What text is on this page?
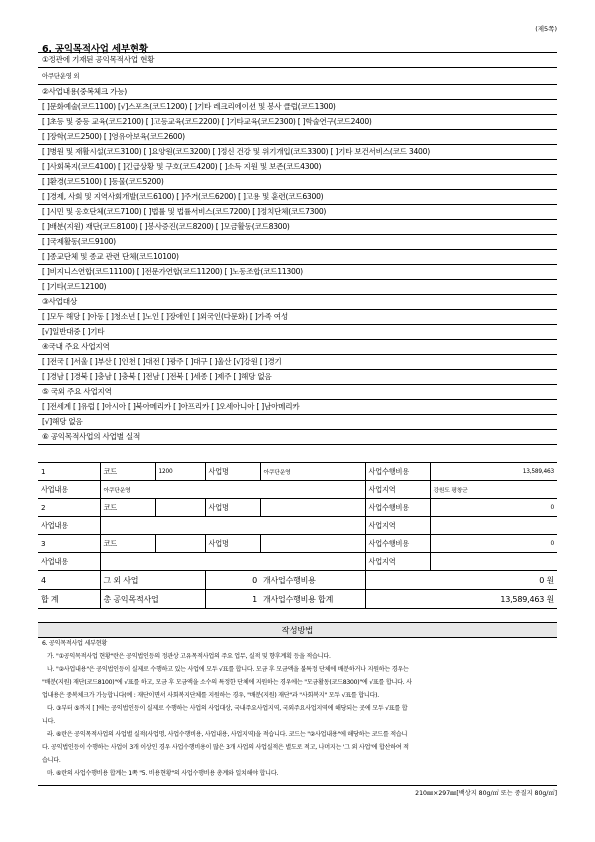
(제5쪽)
6. 공익목적사업 세부현황
①정관에 기재된 공익목적사업 현황
아쿠단운영 외
②사업내용(중복체크 가능)
[ ]문화예술(코드1100) [√]스포츠(코드1200) [ ]기타 레크리에이션 및 봉사 클럽(코드1300)
[ ]초등 및 중등 교육(코드2100) [ ]고등교육(코드2200) [ ]기타교육(코드2300) [ ]학술연구(코드2400)
[ ]장학(코드2500) [ ]영유아보육(코드2600)
[ ]병원 및 재활시설(코드3100) [ ]요양원(코드3200) [ ]정신 건강 및 위기개입(코드3300) [ ]기타 보건서비스(코드 3400)
[ ]사회복지(코드4100) [ ]긴급상황 및 구호(코드4200) [ ]소득 지원 및 보존(코드4300)
[ ]환경(코드5100) [ ]동물(코드5200)
[ ]경제, 사회 및 지역사회개발(코드6100) [ ]주거(코드6200) [ ]고용 및 훈련(코드6300)
[ ]시민 및 옹호단체(코드7100) [ ]법률 및 법률서비스(코드7200) [ ]정치단체(코드7300)
[ ]배분(지원) 재단(코드8100) [ ]봉사증진(코드8200) [ ]모금활동(코드8300)
[ ]국제활동(코드9100)
[ ]종교단체 및 종교 관련 단체(코드10100)
[ ]비지니스연합(코드11100) [ ]전문가연합(코드11200) [ ]노동조합(코드11300)
[ ]기타(코드12100)
③사업대상
[ ]모두 해당 [ ]아동 [ ]청소년 [ ]노인 [ ]장애인 [ ]외국인(다문화) [ ]가족 여성
[√]일반대중 [ ]기타
④국내 주요 사업지역
[ ]전국 [ ]서울 [ ]부산 [ ]인천 [ ]대전 [ ]광주 [ ]대구 [ ]울산 [√]강원 [ ]경기
[ ]경남 [ ]경북 [ ]충남 [ ]충북 [ ]전남 [ ]전북 [ ]세종 [ ]제주 [ ]해당 없음
⑤ 국외 주요 사업지역
[ ]전세계 [ ]유럽 [ ]아시아 [ ]북아메리카 [ ]아프리카 [ ]오세아니아 [ ]남아메리카
[√]해당 없음
⑥ 공익목적사업의 사업별 실적
1	코드	1200	사업명	아쿠단운영	사업수행비용	13,589,463
사업내용	아쿠단운영				사업지역	강원도 평창군
2	코드		사업명		사업수행비용	0
사업내용					사업지역	
3	코드		사업명		사업수행비용	0
사업내용					사업지역	
4	그 외 사업		0	개사업수행비용	0 원	
합 계	총 공익목적사업		1	개사업수행비용 합계	13,589,463 원	
작성방법

6. 공익목적사업 세부현황

가. "①공익목적사업 현황"란은 공익법인등의 정관상 고유목적사업의 주요 업무, 실적 및 향후계획 등을 적습니다.

나. "②사업내용"은 공익법인등이 실제로 수행하고 있는 사업에 모두 √표를 합니다. 모금 후 모금액을 불특정 단체에 배분하거나 지원하는 경우는

"배분(지원) 재단(코드8100)"에 √표를 하고, 모금 후 모금액을 소수의 특정한 단체에 지원하는 경우에는 "모금활동(코드8300)"에 √표를 합니다. 사

업내용은 중복체크가 가능합니다(예 : 재단이면서 사회복지단체를 지원하는 경우, "배분(지원) 재단"과 "사회복지" 모두 √표를 합니다).

다. ③부터 ⑤까지 [ ]에는 공익법인등이 실제로 수행하는 사업의 사업대상, 국내주요사업지역, 국외주요사업지역에 해당되는 곳에 모두 √표를 합

니다.

라. ⑥란은 공익목적사업의 사업별 실적(사업명, 사업수행비용, 사업내용, 사업지역)을 적습니다. 코드는 "②사업내용"에 해당하는 코드를 적습니

다. 공익법인등이 수행하는 사업이 3개 이상인 경우 사업수행비용이 많은 3개 사업의 사업실적은 별도로 적고, 나머지는 '그 외 사업'에 합산하여 적

습니다.

마. ⑥란의 사업수행비용 합계는 1쪽 "5. 비용현황"의 사업수행비용 총계와 일치해야 합니다.

210㎜×297㎜[백상지 80g/㎡ 또는 중질지 80g/㎡]
